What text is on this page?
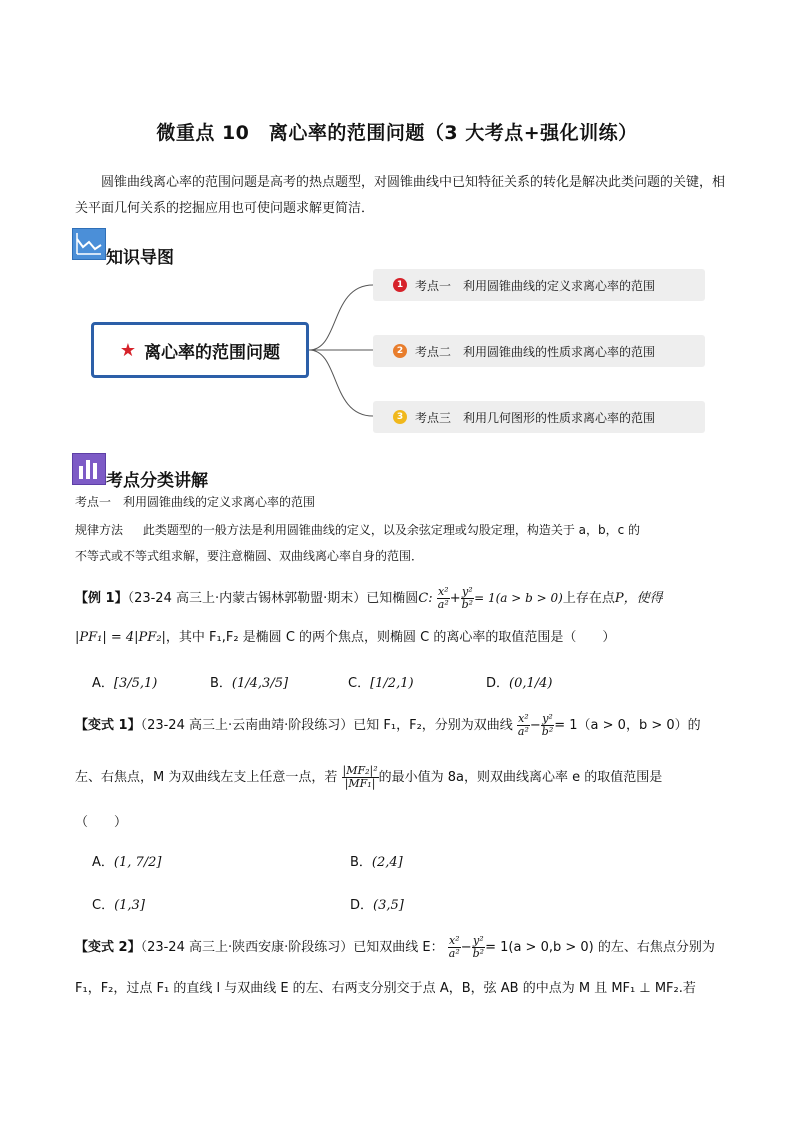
微重点 10　离心率的范围问题（3 大考点+强化训练）
圆锥曲线离心率的范围问题是高考的热点题型，对圆锥曲线中已知特征关系的转化是解决此类问题的关键，相关平面几何关系的挖掘应用也可使问题求解更简洁．
知识导图
★ 离心率的范围问题
1 考点一　利用圆锥曲线的定义求离心率的范围
2 考点二　利用圆锥曲线的性质求离心率的范围
3 考点三　利用几何图形的性质求离心率的范围
考点分类讲解
考点一　利用圆锥曲线的定义求离心率的范围
规律方法 此类题型的一般方法是利用圆锥曲线的定义，以及余弦定理或勾股定理，构造关于 a，b，c 的
不等式或不等式组求解，要注意椭圆、双曲线离心率自身的范围．
【例 1】（23-24 高三上·内蒙古锡林郭勒盟·期末）已知椭圆C: $\frac{\text{x²}}{\text{a²}} + \frac{\text{y²}}{\text{b²}} = 1(a > b > 0)$上存在点P，使得
|PF₁| = 4|PF₂|，其中 F₁,F₂ 是椭圆 C 的两个焦点，则椭圆 C 的离心率的取值范围是（　　）
A．[3/5,1)	B．(1/4,3/5]	C．[1/2,1)	D．(0,1/4)
【变式 1】（23-24 高三上·云南曲靖·阶段练习）已知 F₁，F₂，分别为双曲线 $\frac{\text{x²}}{\text{a²}} - \frac{\text{y²}}{\text{b²}} = 1(a > 0$，b > 0）的
左、右焦点，M 为双曲线左支上任意一点，若 $\frac{\text{|MF₂|²}}{\text{|MF₁|}}$ 的最小值为 8a，则双曲线离心率 e 的取值范围是
（　　）
A．(1, 7/2]	B．(2,4]
C．(1,3]	D．(3,5]
【变式 2】（23-24 高三上·陕西安康·阶段练习）已知双曲线 E： $\frac{\text{x²}}{\text{a²}} - \frac{\text{y²}}{\text{b²}} = 1(a > 0,b > 0)$ 的左、右焦点分别为
F₁，F₂，过点 F₁ 的直线 l 与双曲线 E 的左、右两支分别交于点 A，B，弦 AB 的中点为 M 且 MF₁ ⊥ MF₂.若
